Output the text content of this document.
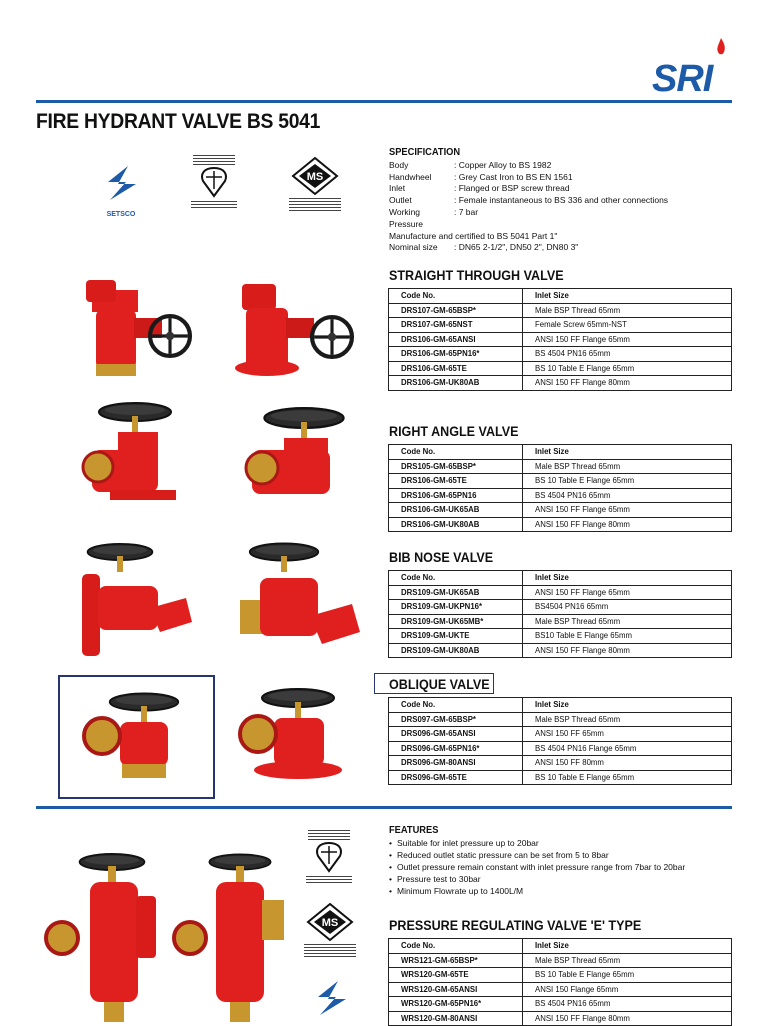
SRI
FIRE HYDRANT VALVE BS 5041
SETSCO
MS
SPECIFICATION
Body	: Copper Alloy to BS 1982
Handwheel	: Grey Cast Iron to BS EN 1561
Inlet	: Flanged or BSP screw thread
Outlet	: Female instantaneous to BS 336 and other connections
Working Pressure
: 7 bar
Manufacture and certified to BS 5041 Part 1"
Nominal size	: DN65 2-1/2", DN50 2", DN80 3"
STRAIGHT THROUGH VALVE
RIGHT ANGLE VALVE
BIB NOSE VALVE
OBLIQUE VALVE
Code No.	Inlet Size
DRS107-GM-65BSP*	Male BSP Thread 65mm
DRS107-GM-65NST	Female Screw 65mm-NST
DRS106-GM-65ANSI	ANSI 150 FF Flange 65mm
DRS106-GM-65PN16*	BS 4504 PN16 65mm
DRS106-GM-65TE	BS 10 Table E Flange 65mm
DRS106-GM-UK80AB	ANSI 150 FF Flange 80mm
Code No.	Inlet Size
DRS105-GM-65BSP*	Male BSP Thread 65mm
DRS106-GM-65TE	BS 10 Table E Flange 65mm
DRS106-GM-65PN16	BS 4504 PN16 65mm
DRS106-GM-UK65AB	ANSI 150 FF Flange 65mm
DRS106-GM-UK80AB	ANSI 150 FF Flange 80mm
Code No.	Inlet Size
DRS109-GM-UK65AB	ANSI 150 FF Flange 65mm
DRS109-GM-UKPN16*	BS4504 PN16 65mm
DRS109-GM-UK65MB*	Male BSP Thread 65mm
DRS109-GM-UKTE	BS10 Table E Flange 65mm
DRS109-GM-UK80AB	ANSI 150 FF Flange 80mm
Code No.	Inlet Size
DRS097-GM-65BSP*	Male BSP Thread 65mm
DRS096-GM-65ANSI	ANSI 150 FF 65mm
DRS096-GM-65PN16*	BS 4504 PN16 Flange 65mm
DRS096-GM-80ANSI	ANSI 150 FF 80mm
DRS096-GM-65TE	BS 10 Table E Flange 65mm
Code No.	Inlet Size
WRS121-GM-65BSP*	Male BSP Thread 65mm
WRS120-GM-65TE	BS 10 Table E Flange 65mm
WRS120-GM-65ANSI	ANSI 150 Flange 65mm
WRS120-GM-65PN16*	BS 4504 PN16 65mm
WRS120-GM-80ANSI	ANSI 150 FF Flange 80mm
MS
FEATURES
• Suitable for inlet pressure up to 20bar
• Reduced outlet static pressure can be set from 5 to 8bar
• Outlet pressure remain constant with inlet pressure range from 7bar to 20bar
• Pressure test to 30bar
• Minimum Flowrate up to 1400L/M
PRESSURE REGULATING VALVE 'E' TYPE
